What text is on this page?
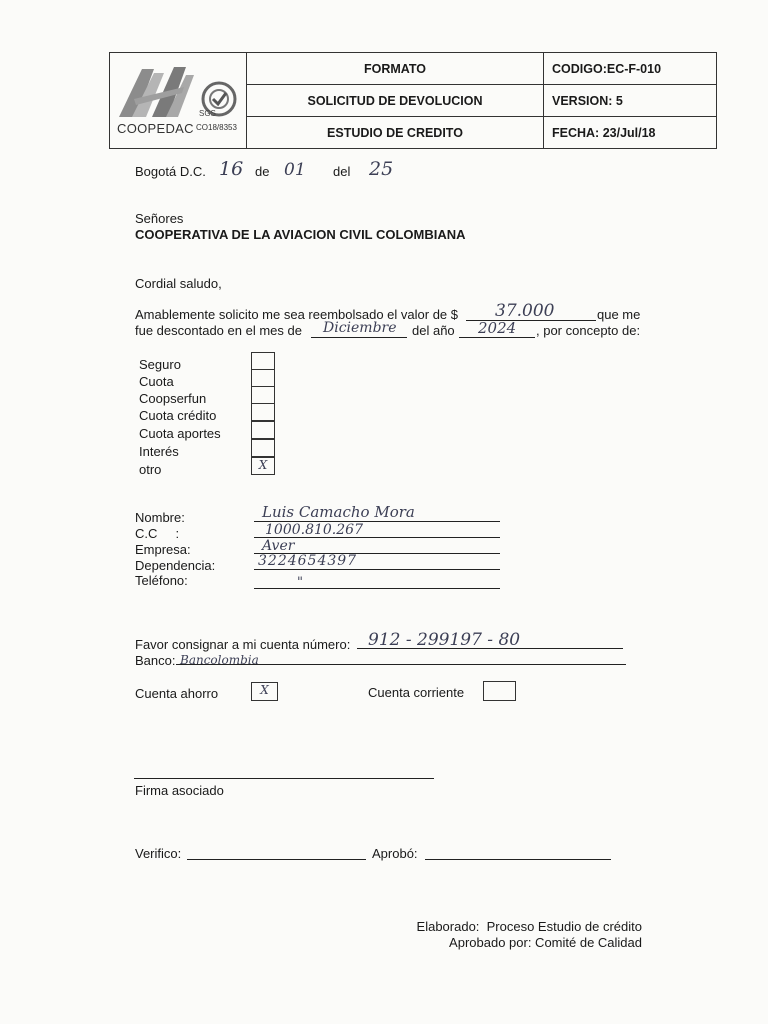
SGS
COOPEDAC CO18/8353	FORMATO	CODIGO:EC-F-010
	SOLICITUD DE DEVOLUCION	VERSION: 5
	ESTUDIO DE CREDITO	FECHA: 23/Jul/18
Bogotá D.C. 16 de 01 del 25
Señores
COOPERATIVA DE LA AVIACION CIVIL COLOMBIANA
Cordial saludo,
Amablemente solicito me sea reembolsado el valor de $ 37.000	que me
fue descontado en el mes de Diciembre del año 2024 , por concepto de:
Seguro
Cuota
Coopserfun
Cuota crédito
Cuota aportes
Interés
otro	X
Nombre:	Luis Camacho Mora
C.C     :	1000.810.267
Empresa:	Aver
Dependencia:	3224654397
Teléfono:	"
Favor consignar a mi cuenta número: 912 - 299197 - 80
Banco: Bancolombia
Cuenta ahorro	X	Cuenta corriente
Firma asociado
Verifico:	Aprobó:
Elaborado:  Proceso Estudio de crédito
Aprobado por: Comité de Calidad
